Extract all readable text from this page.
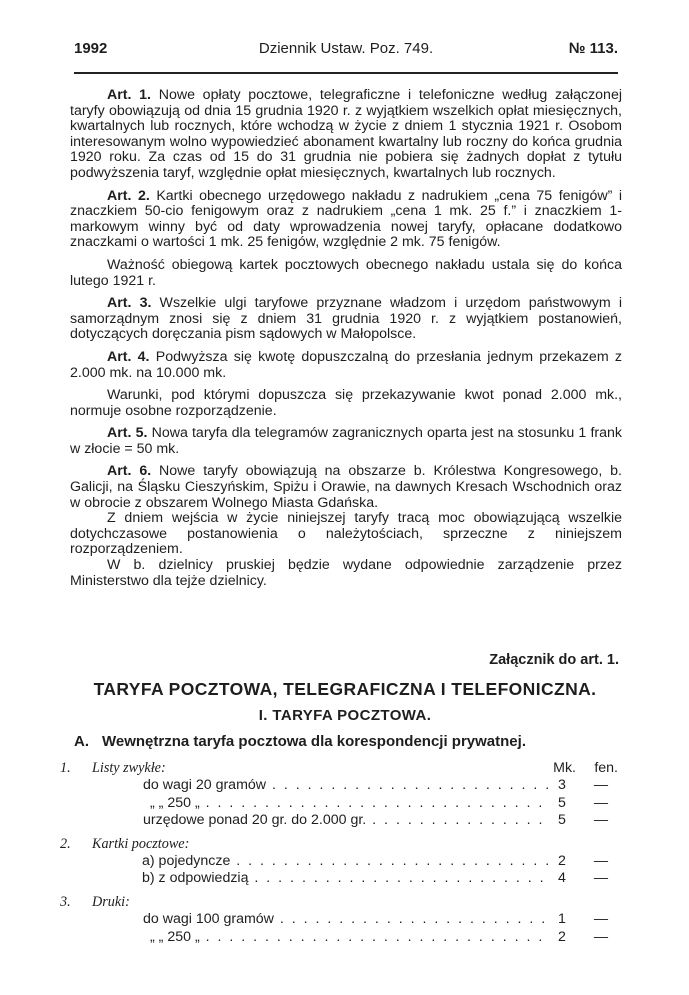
1992	Dziennik Ustaw. Poz. 749.	№ 113.

Art. 1. Nowe opłaty pocztowe, telegraficzne i telefoniczne według załączonej taryfy obowiązują od dnia 15 grudnia 1920 r. z wyjątkiem wszelkich opłat miesięcznych, kwartalnych lub rocznych, które wchodzą w życie z dniem 1 stycznia 1921 r. Osobom interesowanym wolno wypowiedzieć abonament kwartalny lub roczny do końca grudnia 1920 roku. Za czas od 15 do 31 grudnia nie pobiera się żadnych dopłat z tytułu podwyższenia taryf, względnie opłat miesięcznych, kwartalnych lub rocznych.

Art. 2. Kartki obecnego urzędowego nakładu z nadrukiem „cena 75 fenigów” i znaczkiem 50-cio fenigowym oraz z nadrukiem „cena 1 mk. 25 f.” i znaczkiem 1-markowym winny być od daty wprowadzenia nowej taryfy, opłacane dodatkowo znaczkami o wartości 1 mk. 25 fenigów, względnie 2 mk. 75 fenigów.

Ważność obiegową kartek pocztowych obecnego nakładu ustala się do końca lutego 1921 r.

Art. 3. Wszelkie ulgi taryfowe przyznane władzom i urzędom państwowym i samorządnym znosi się z dniem 31 grudnia 1920 r. z wyjątkiem postanowień, dotyczących doręczania pism sądowych w Małopolsce.

Art. 4. Podwyższa się kwotę dopuszczalną do przesłania jednym przekazem z 2.000 mk. na 10.000 mk.

Warunki, pod którymi dopuszcza się przekazywanie kwot ponad 2.000 mk., normuje osobne rozporządzenie.

Art. 5. Nowa taryfa dla telegramów zagranicznych oparta jest na stosunku 1 frank w złocie = 50 mk.

Art. 6. Nowe taryfy obowiązują na obszarze b. Królestwa Kongresowego, b. Galicji, na Śląsku Cieszyńskim, Spiżu i Orawie, na dawnych Kresach Wschodnich oraz w obrocie z obszarem Wolnego Miasta Gdańska.

Z dniem wejścia w życie niniejszej taryfy tracą moc obowiązującą wszelkie dotychczasowe postanowienia o należytościach, sprzeczne z niniejszem rozporządzeniem.

W b. dzielnicy pruskiej będzie wydane odpowiednie zarządzenie przez Ministerstwo dla tejże dzielnicy.

Załącznik do art. 1.
TARYFA POCZTOWA, TELEGRAFICZNA I TELEFONICZNA.
I. TARYFA POCZTOWA.
A. Wewnętrzna taryfa pocztowa dla korespondencji prywatnej.
1. Listy zwykłe:	Mk. fen.
do wagi 20 gramów . . .	3	—
„ „ 250 „ . . .	5	—
urzędowe ponad 20 gr. do 2.000 gr. . . .	5	—
2. Kartki pocztowe:
a) pojedyncze . . .	2	—
b) z odpowiedzią . . .	4	—
3. Druki:
do wagi 100 gramów . . .	1	—
„ „ 250 „ . . .	2	—
